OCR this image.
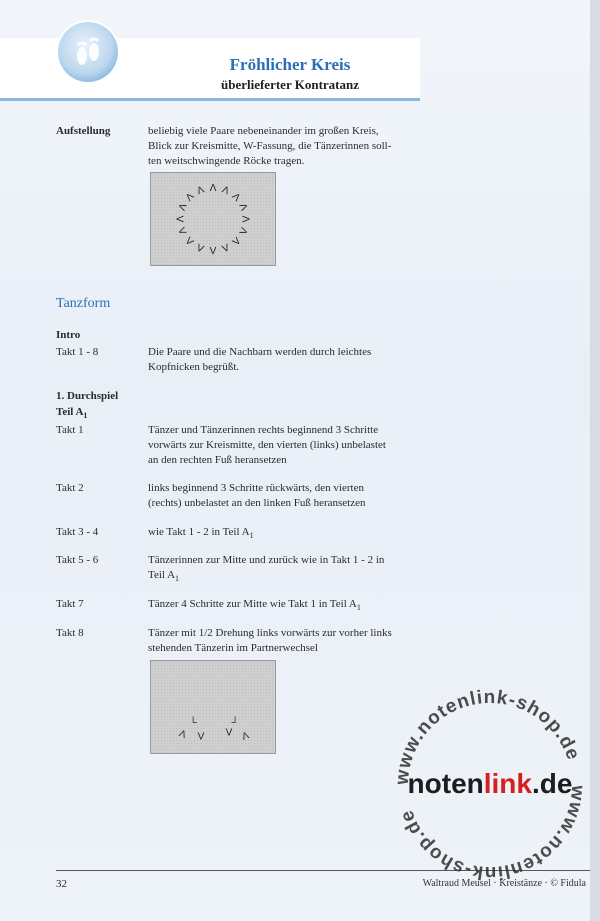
Fröhlicher Kreis
überlieferter Kontratanz
Aufstellung	beliebig viele Paare nebeneinander im großen Kreis,
Blick zur Kreismitte, W-Fassung, die Tänzerinnen soll-
ten weitschwingende Röcke tragen.
V V
V
V
V
V
V
V
V
V
V
V
V
V
V
V
Tanzform
Intro
Takt 1 - 8	Die Paare und die Nachbarn werden durch leichtes
Kopfnicken begrüßt.
1. Durchspiel
Teil $A_1$
Takt 1	Tänzer und Tänzerinnen rechts beginnend 3 Schritte
vorwärts zur Kreismitte, den vierten (links) unbelastet
an den rechten Fuß heransetzen
Takt 2	links beginnend 3 Schritte rückwärts, den vierten
(rechts) unbelastet an den linken Fuß heransetzen
Takt 3 - 4	wie Takt 1 - 2 in Teil $A_1$
Takt 5 - 6	Tänzerinnen zur Mitte und zurück wie in Takt 1 - 2 in
Teil $A_1$
Takt 7	Tänzer 4 Schritte zur Mitte wie Takt 1 in Teil $A_1$
Takt 8	Tänzer mit 1/2 Drehung links vorwärts zur vorher links
stehenden Tänzerin im Partnerwechsel
V
└
V V
┘
V
32	Waltraud Meusel · Kreistänze · © Fidula
www.notenlink-shop.de
www.notenlink-shop.de
notenlink.de
